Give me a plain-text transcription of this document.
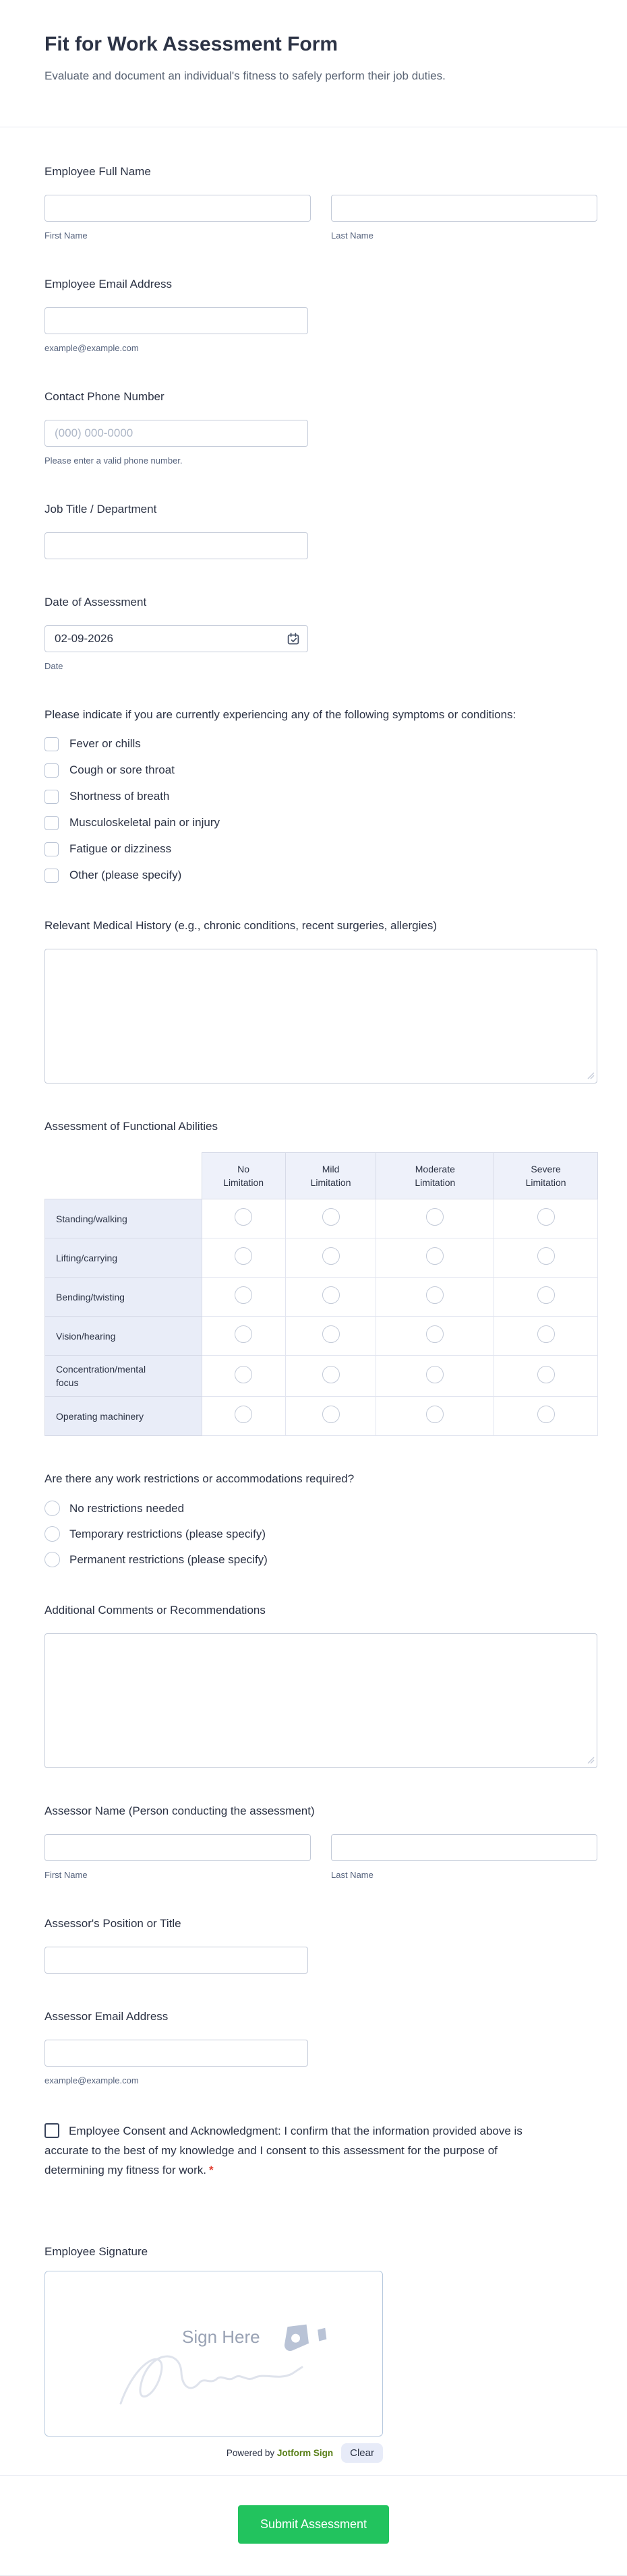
Fit for Work Assessment Form

Evaluate and document an individual's fitness to safely perform their job duties.

Employee Full Name
First Name	Last Name
Employee Email Address
example@example.com
Contact Phone Number
(000) 000-0000
Please enter a valid phone number.
Job Title / Department
Date of Assessment
02-09-2026
Date
Please indicate if you are currently experiencing any of the following symptoms or conditions:
Fever or chills
Cough or sore throat
Shortness of breath
Musculoskeletal pain or injury
Fatigue or dizziness
Other (please specify)
Relevant Medical History (e.g., chronic conditions, recent surgeries, allergies)
Assessment of Functional Abilities
	No Limitation	Mild Limitation	Moderate Limitation	Severe Limitation
Standing/walking				
Lifting/carrying				
Bending/twisting				
Vision/hearing				
Concentration/mental focus				
Operating machinery				
Are there any work restrictions or accommodations required?
No restrictions needed
Temporary restrictions (please specify)
Permanent restrictions (please specify)
Additional Comments or Recommendations
Assessor Name (Person conducting the assessment)
First Name	Last Name
Assessor's Position or Title
Assessor Email Address
example@example.com
Employee Consent and Acknowledgment: I confirm that the information provided above is accurate to the best of my knowledge and I consent to this assessment for the purpose of determining my fitness for work. *
Employee Signature
Sign Here
Powered by Jotform Sign	Clear
Submit Assessment
